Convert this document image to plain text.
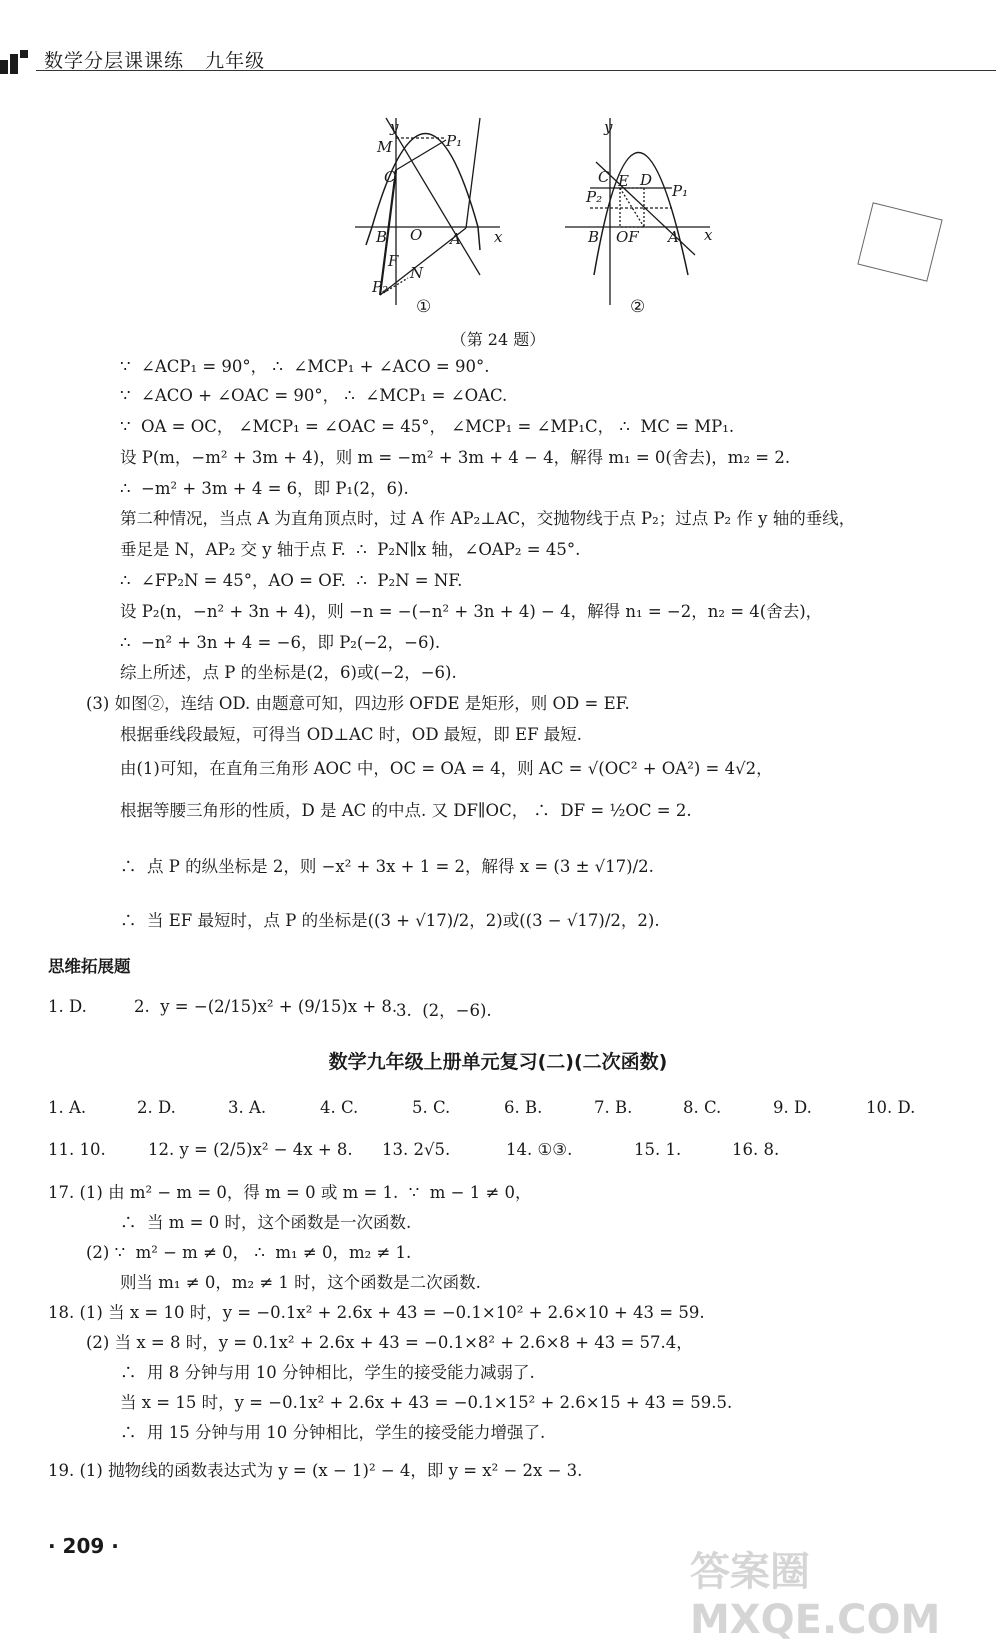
数学分层课课练   九年级
y
x
M	P₁
C
B O A
F
N
P₂
①
y
x
C E D
P₁
P₂
B OF A
②
（第 24 题）
∵  ∠ACP₁ = 90°， ∴  ∠MCP₁ + ∠ACO = 90°.
∵  ∠ACO + ∠OAC = 90°， ∴  ∠MCP₁ = ∠OAC.
∵  OA = OC， ∠MCP₁ = ∠OAC = 45°， ∠MCP₁ = ∠MP₁C， ∴  MC = MP₁.
设 P(m，−m² + 3m + 4)，则 m = −m² + 3m + 4 − 4，解得 m₁ = 0(舍去)，m₂ = 2.
∴  −m² + 3m + 4 = 6，即 P₁(2，6).
第二种情况，当点 A 为直角顶点时，过 A 作 AP₂⊥AC，交抛物线于点 P₂；过点 P₂ 作 y 轴的垂线，
垂足是 N，AP₂ 交 y 轴于点 F.  ∴  P₂N∥x 轴，∠OAP₂ = 45°.
∴  ∠FP₂N = 45°，AO = OF.  ∴  P₂N = NF.
设 P₂(n，−n² + 3n + 4)，则 −n = −(−n² + 3n + 4) − 4，解得 n₁ = −2，n₂ = 4(舍去)，
∴  −n² + 3n + 4 = −6，即 P₂(−2，−6).
综上所述，点 P 的坐标是(2，6)或(−2，−6).
(3) 如图②，连结 OD. 由题意可知，四边形 OFDE 是矩形，则 OD = EF.
根据垂线段最短，可得当 OD⊥AC 时，OD 最短，即 EF 最短.
由(1)可知，在直角三角形 AOC 中，OC = OA = 4，则 AC = √(OC² + OA²) = 4√2，
根据等腰三角形的性质，D 是 AC 的中点. 又 DF∥OC， ∴  DF = ½OC = 2.
∴  点 P 的纵坐标是 2，则 −x² + 3x + 1 = 2，解得 x = (3 ± √17)/2.
∴  当 EF 最短时，点 P 的坐标是((3 + √17)/2，2)或((3 − √17)/2，2).
思维拓展题
1. D.	2.  y = −(2/15)x² + (9/15)x + 8.
3.  (2，−6).
数学九年级上册单元复习(二)(二次函数)
1. A.	2. D.	3. A.	4. C.	5. C.	6. B.	7. B.	8. C.	9. D.	10. D.
11. 10.	12. y = (2/5)x² − 4x + 8. 13. 2√5.	14. ①③.	15. 1.	16. 8.
17. (1) 由 m² − m = 0，得 m = 0 或 m = 1.  ∵  m − 1 ≠ 0，
∴  当 m = 0 时，这个函数是一次函数.
(2) ∵  m² − m ≠ 0， ∴  m₁ ≠ 0，m₂ ≠ 1.
则当 m₁ ≠ 0，m₂ ≠ 1 时，这个函数是二次函数.
18. (1) 当 x = 10 时，y = −0.1x² + 2.6x + 43 = −0.1×10² + 2.6×10 + 43 = 59.
(2) 当 x = 8 时，y = 0.1x² + 2.6x + 43 = −0.1×8² + 2.6×8 + 43 = 57.4，
∴  用 8 分钟与用 10 分钟相比，学生的接受能力减弱了.
当 x = 15 时，y = −0.1x² + 2.6x + 43 = −0.1×15² + 2.6×15 + 43 = 59.5.
∴  用 15 分钟与用 10 分钟相比，学生的接受能力增强了.
19. (1) 抛物线的函数表达式为 y = (x − 1)² − 4，即 y = x² − 2x − 3.
· 209 ·
答案圈 MXQE.COM
